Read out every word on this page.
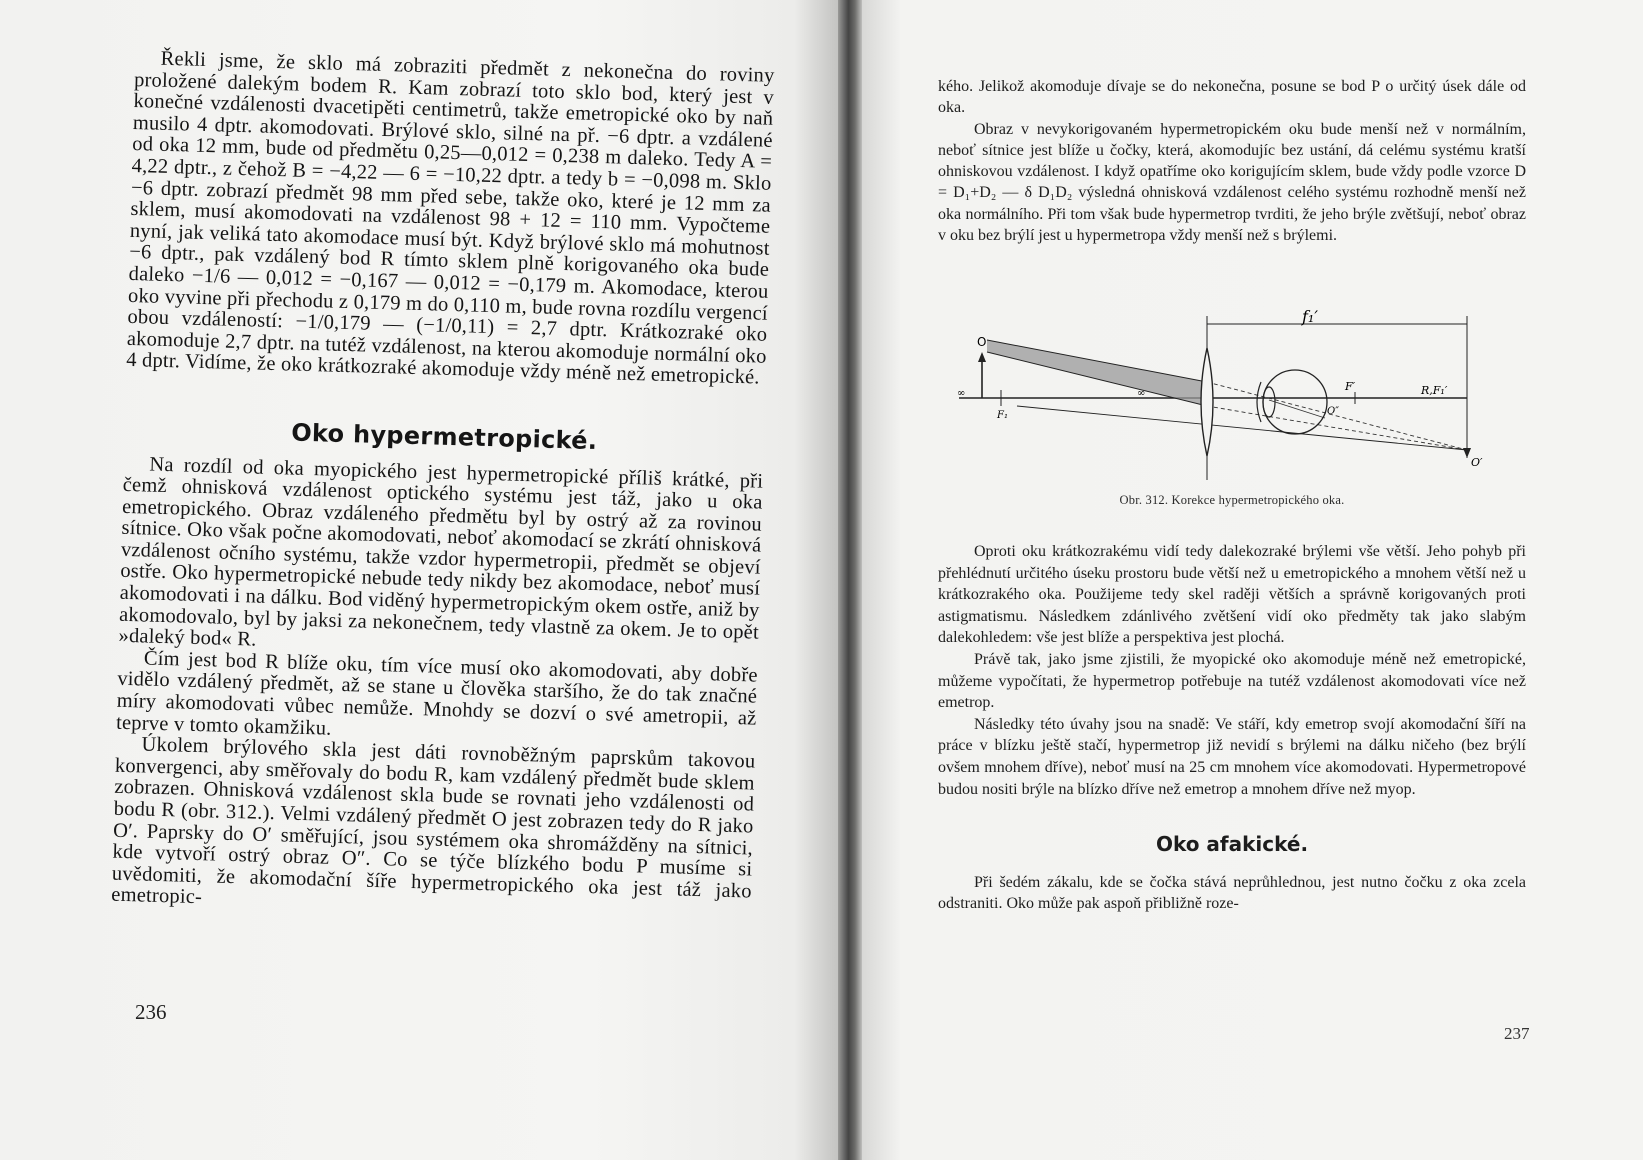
Řekli jsme, že sklo má zobraziti předmět z nekonečna do roviny proložené dalekým bodem R. Kam zobrazí toto sklo bod, který jest v konečné vzdálenosti dvacetipěti centimetrů, takže emetropické oko by naň musilo 4 dptr. akomodovati. Brýlové sklo, silné na př. −6 dptr. a vzdálené od oka 12 mm, bude od předmětu 0,25—0,012 = 0,238 m daleko. Tedy A = 4,22 dptr., z čehož B = −4,22 — 6 = −10,22 dptr. a tedy b = −0,098 m. Sklo −6 dptr. zobrazí předmět 98 mm před sebe, takže oko, které je 12 mm za sklem, musí akomodovati na vzdálenost 98 + 12 = 110 mm. Vypočteme nyní, jak veliká tato akomodace musí být. Když brýlové sklo má mohutnost −6 dptr., pak vzdálený bod R tímto sklem plně korigovaného oka bude daleko −1/6 — 0,012 = −0,167 — 0,012 = −0,179 m. Akomodace, kterou oko vyvine při přechodu z 0,179 m do 0,110 m, bude rovna rozdílu vergencí obou vzdáleností: −1/0,179 — (−1/0,11) = 2,7 dptr. Krátkozraké oko akomoduje 2,7 dptr. na tutéž vzdálenost, na kterou akomoduje normální oko 4 dptr. Vidíme, že oko krátkozraké akomoduje vždy méně než emetropické.

Oko hypermetropické.

Na rozdíl od oka myopického jest hypermetropické příliš krátké, při čemž ohnisková vzdálenost optického systému jest táž, jako u oka emetropického. Obraz vzdáleného předmětu byl by ostrý až za rovinou sítnice. Oko však počne akomodovati, neboť akomodací se zkrátí ohnisková vzdálenost očního systému, takže vzdor hypermetropii, předmět se objeví ostře. Oko hypermetropické nebude tedy nikdy bez akomodace, neboť musí akomodovati i na dálku. Bod viděný hypermetropickým okem ostře, aniž by akomodovalo, byl by jaksi za nekonečnem, tedy vlastně za okem. Je to opět »daleký bod« R.

Čím jest bod R blíže oku, tím více musí oko akomodovati, aby dobře vidělo vzdálený předmět, až se stane u člověka staršího, že do tak značné míry akomodovati vůbec nemůže. Mnohdy se dozví o své ametropii, až teprve v tomto okamžiku.

Úkolem brýlového skla jest dáti rovnoběžným paprskům takovou konvergenci, aby směřovaly do bodu R, kam vzdálený předmět bude sklem zobrazen. Ohnisková vzdálenost skla bude se rovnati jeho vzdálenosti od bodu R (obr. 312.). Velmi vzdálený předmět O jest zobrazen tedy do R jako O′. Paprsky do O′ směřující, jsou systémem oka shromážděny na sítnici, kde vytvoří ostrý obraz O″. Co se týče blízkého bodu P musíme si uvědomiti, že akomodační šíře hypermetropického oka jest táž jako emetropic-

236

kého. Jelikož akomoduje dívaje se do nekonečna, posune se bod P o určitý úsek dále od oka.

Obraz v nevykorigovaném hypermetropickém oku bude menší než v normálním, neboť sítnice jest blíže u čočky, která, akomodujíc bez ustání, dá celému systému kratší ohniskovou vzdálenost. I když opatříme oko korigujícím sklem, bude vždy podle vzorce D = D₁+D₂ — δ D₁D₂ výsledná ohnisková vzdálenost celého systému rozhodně menší než oka normálního. Při tom však bude hypermetrop tvrditi, že jeho brýle zvětšují, neboť obraz v oku bez brýlí jest u hypermetropa vždy menší než s brýlemi.

f₁′
O
∞	∞
F₁
F′	R,F₁′
O″
O′
Obr. 312. Korekce hypermetropického oka.

Oproti oku krátkozrakému vidí tedy dalekozraké brýlemi vše větší. Jeho pohyb při přehlédnutí určitého úseku prostoru bude větší než u emetropického a mnohem větší než u krátkozrakého oka. Použijeme tedy skel raději větších a správně korigovaných proti astigmatismu. Následkem zdánlivého zvětšení vidí oko předměty tak jako slabým dalekohledem: vše jest blíže a perspektiva jest plochá.

Právě tak, jako jsme zjistili, že myopické oko akomoduje méně než emetropické, můžeme vypočítati, že hypermetrop potřebuje na tutéž vzdálenost akomodovati více než emetrop.

Následky této úvahy jsou na snadě: Ve stáří, kdy emetrop svojí akomodační šíří na práce v blízku ještě stačí, hypermetrop již nevidí s brýlemi na dálku ničeho (bez brýlí ovšem mnohem dříve), neboť musí na 25 cm mnohem více akomodovati. Hypermetropové budou nositi brýle na blízko dříve než emetrop a mnohem dříve než myop.

Oko afakické.

Při šedém zákalu, kde se čočka stává neprůhlednou, jest nutno čočku z oka zcela odstraniti. Oko může pak aspoň přibližně roze-

237
